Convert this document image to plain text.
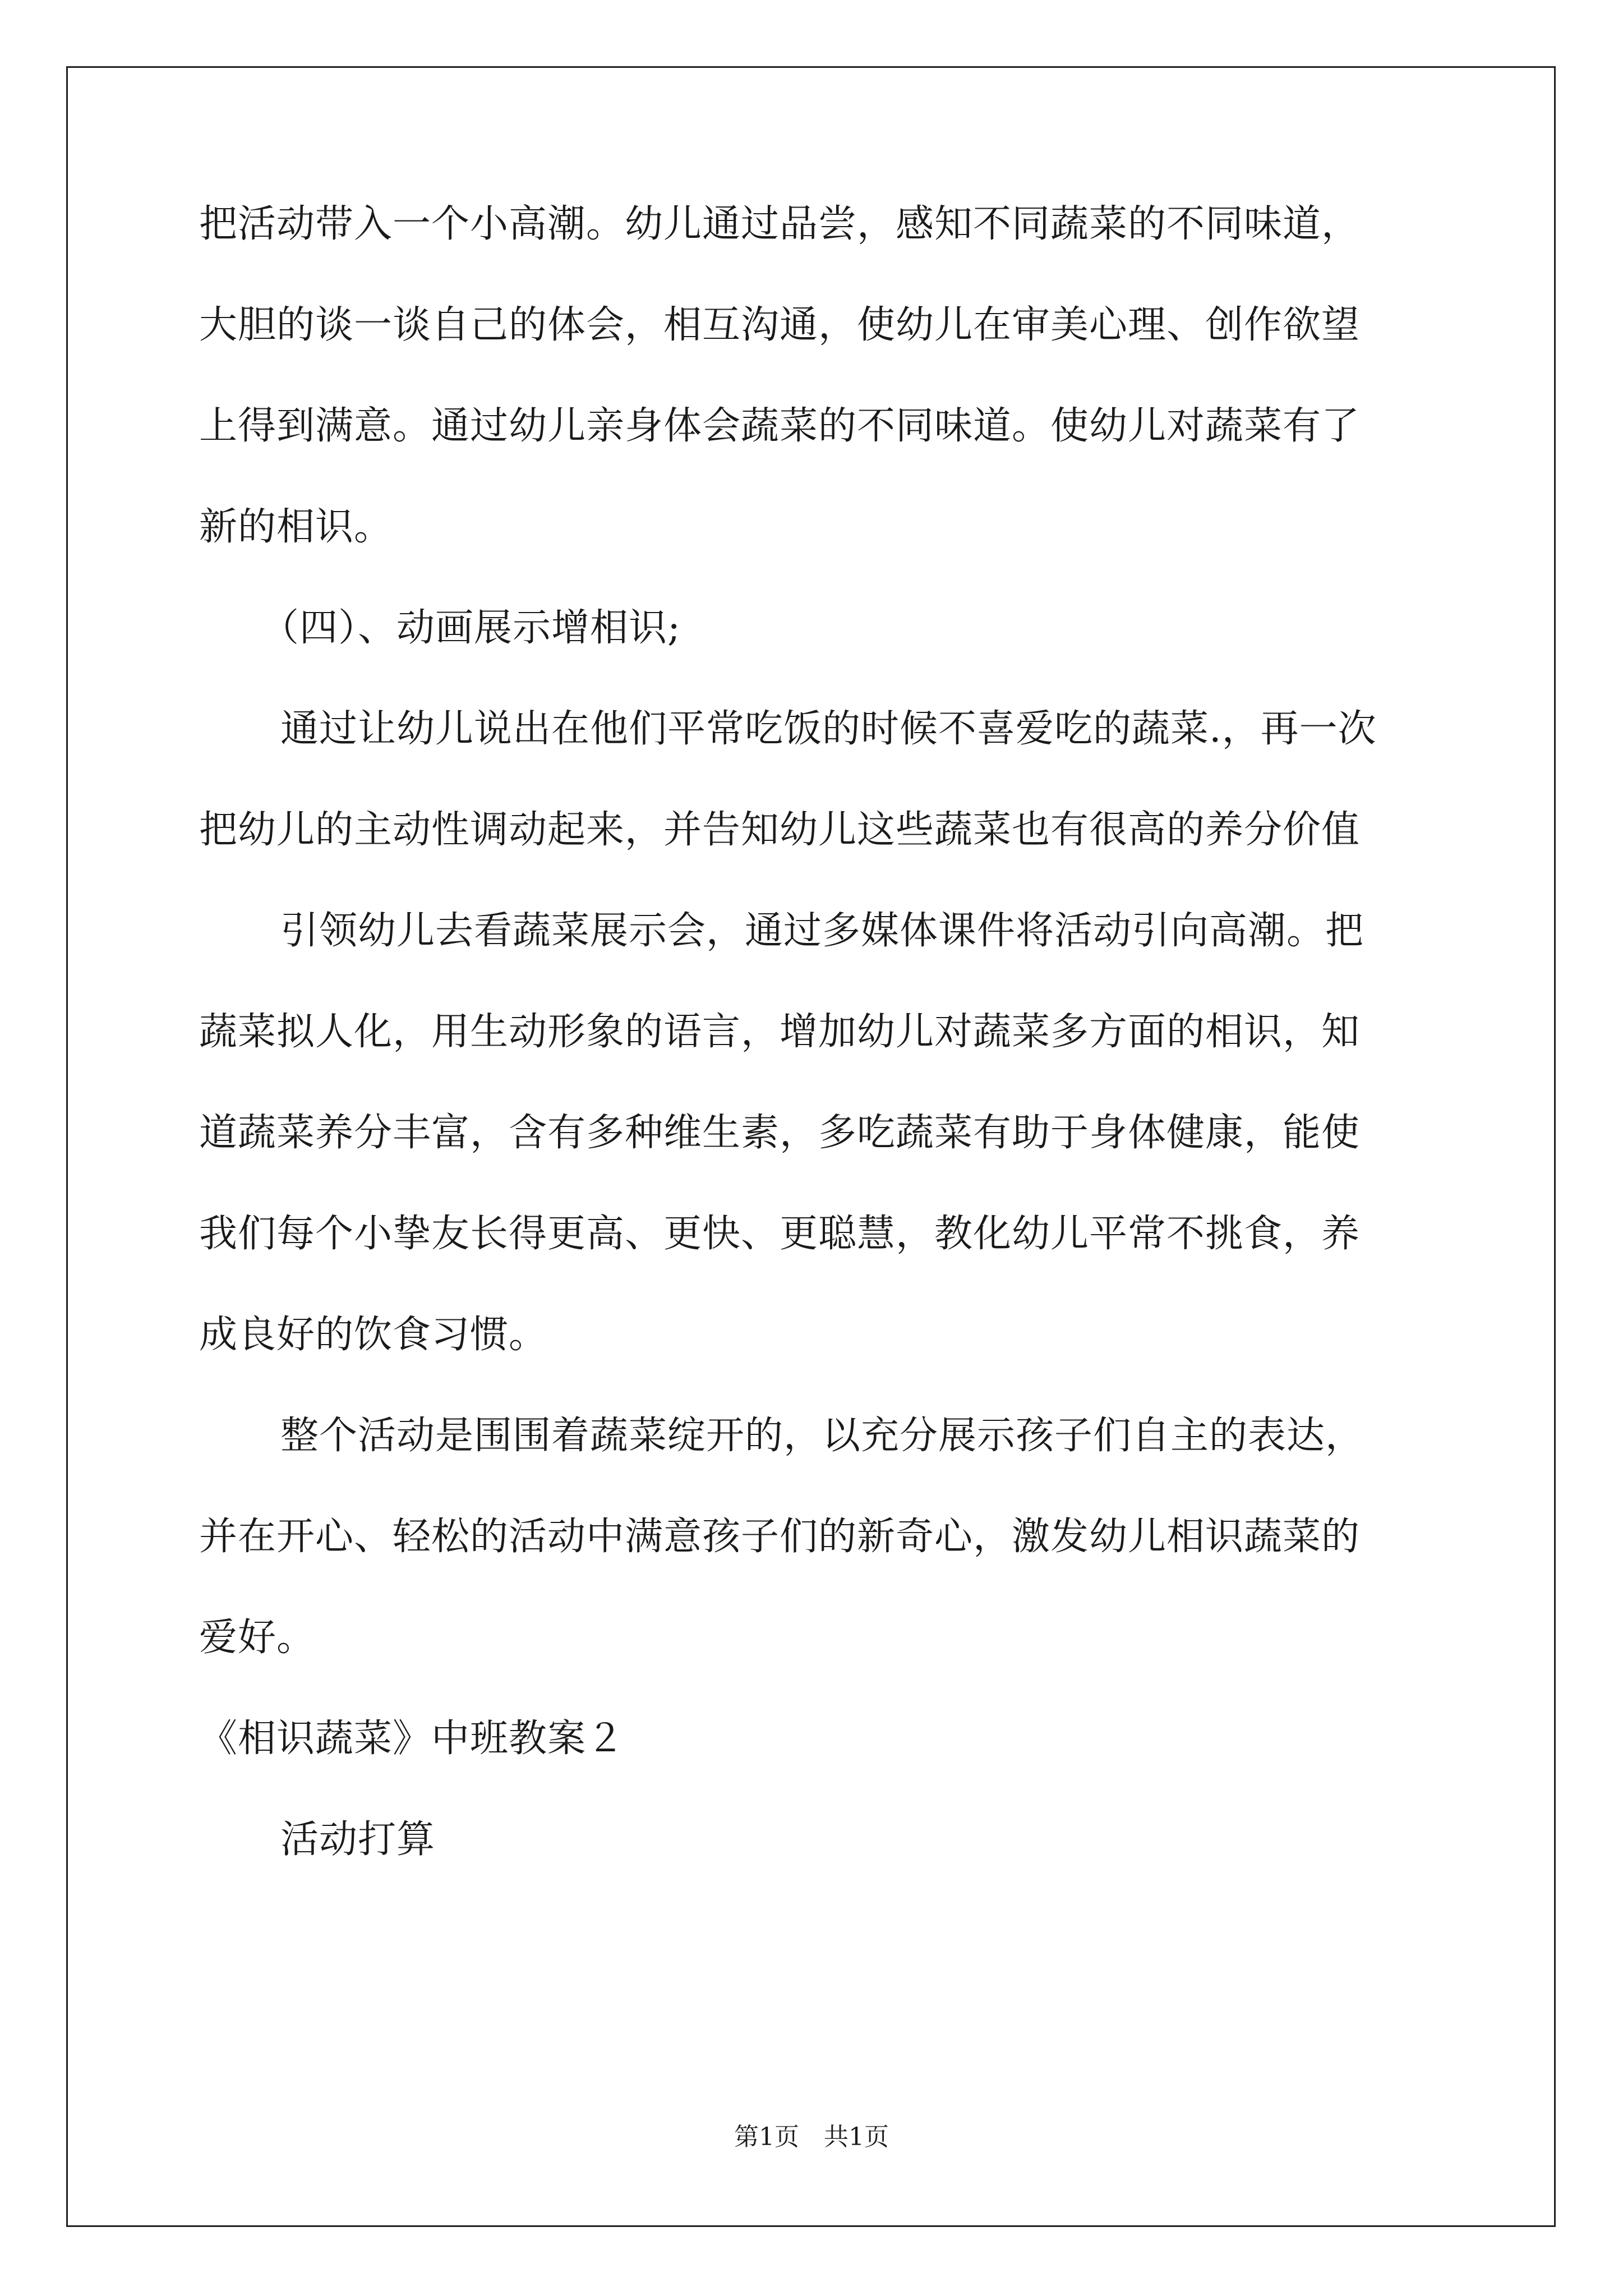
把活动带入一个小高潮。幼儿通过品尝，感知不同蔬菜的不同味道，
大胆的谈一谈自己的体会，相互沟通，使幼儿在审美心理、创作欲望
上得到满意。通过幼儿亲身体会蔬菜的不同味道。使幼儿对蔬菜有了
新的相识。
（四）、动画展示增相识;
通过让幼儿说出在他们平常吃饭的时候不喜爱吃的蔬菜.，再一次
把幼儿的主动性调动起来，并告知幼儿这些蔬菜也有很高的养分价值
引领幼儿去看蔬菜展示会，通过多媒体课件将活动引向高潮。把
蔬菜拟人化，用生动形象的语言，增加幼儿对蔬菜多方面的相识，知
道蔬菜养分丰富，含有多种维生素，多吃蔬菜有助于身体健康，能使
我们每个小挚友长得更高、更快、更聪慧，教化幼儿平常不挑食，养
成良好的饮食习惯。
整个活动是围围着蔬菜绽开的，以充分展示孩子们自主的表达，
并在开心、轻松的活动中满意孩子们的新奇心，激发幼儿相识蔬菜的
爱好。
《相识蔬菜》中班教案２
活动打算
第1页　共1页
